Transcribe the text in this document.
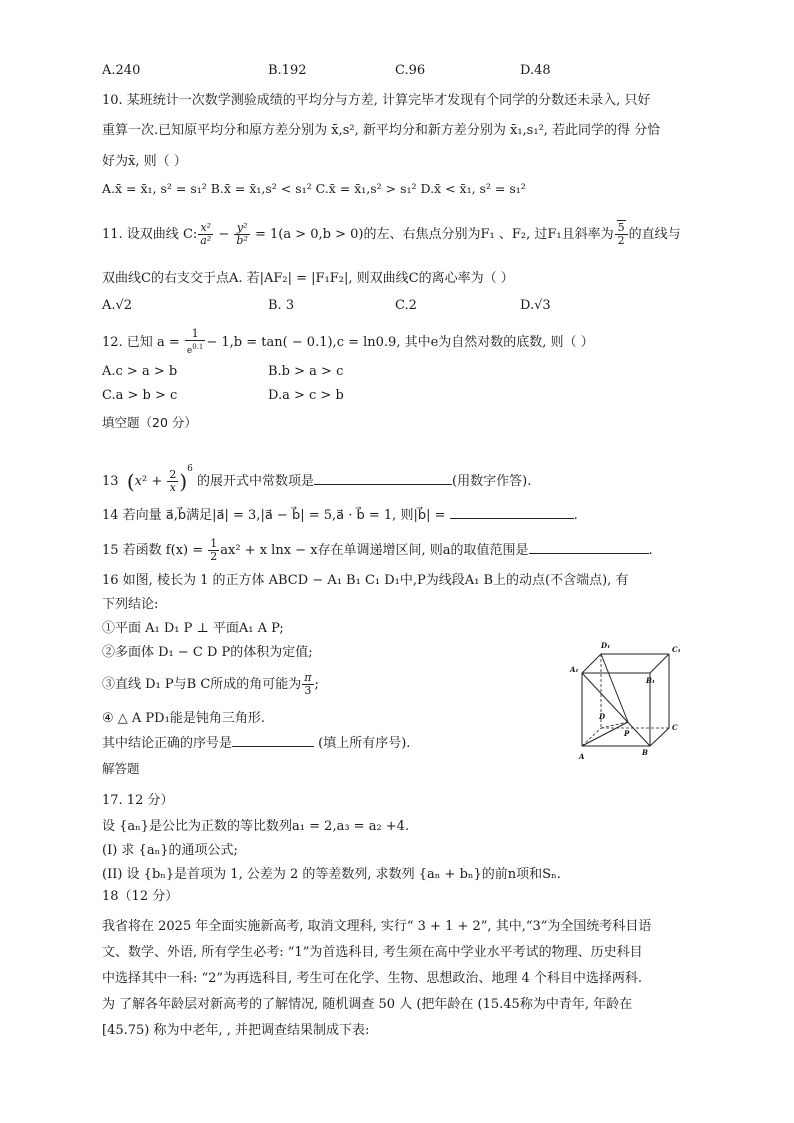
A.240	B.192	C.96	D.48
10. 某班统计一次数学测验成绩的平均分与方差, 计算完毕才发现有个同学的分数还未录入, 只好
重算一次.已知原平均分和原方差分别为 x̄,s², 新平均分和新方差分别为 x̄₁,s₁², 若此同学的得 分恰
好为x̄, 则（ ）
A.x̄ = x̄₁, s² = s₁² B.x̄ = x̄₁,s² < s₁² C.x̄ = x̄₁,s² > s₁² D.x̄ < x̄₁, s² = s₁²
11. 设双曲线 C: $\frac{\text{x²}}{\text{a²}} - \frac{\text{y²}}{\text{b²}} = 1(a > 0,b > 0)$的左、右焦点分别为F₁ 、F₂, 过F₁且斜率为 $\frac{5}{2}$ 的直线与
双曲线C的右支交于点A. 若|AF₂| = |F₁F₂|, 则双曲线C的离心率为（ ）
A.√2	B. 3	C.2	D.√3
12. 已知 $a = \frac{1}{e^{0.1}} - 1,b = \tan( - 0.1),c = \ln 0.9$, 其中e为自然对数的底数, 则（ ）
A.c > a > b	B.b > a > c
C.a > b > c	D.a > c > b
填空题（20 分）
13 $(x^2 + \frac{2}{x} )^6$ 的展开式中常数项是	(用数字作答).
14 若向量 a⃗,b⃗满足|a⃗| = 3,|a⃗ − b⃗| = 5,a⃗ · b⃗ = 1, 则|b⃗| =	.
15 若函数 $f(x) = \frac{1}{2} ax^2 + x$ lnx − x存在单调递增区间, 则a的取值范围是	.
16 如图, 棱长为 1 的正方体 ABCD − A₁ B₁ C₁ D₁中,P为线段A₁ B上的动点(不含端点), 有
下列结论:
①平面 A₁ D₁ P ⊥ 平面A₁ A P;
②多面体 D₁ − C D P的体积为定值;
③直线 D₁ P与B C所成的角可能为 $\frac{\pi}{3}$ ;
④ △ A PD₁能是钝角三角形.
其中结论正确的序号是	(填上所有序号).
D₁	C₁
A₁
B₁
D
C
P
A	B
解答题
17. 12 分）
设 {aₙ}是公比为正数的等比数列a₁ = 2,a₃ = a₂ +4.
(I) 求 {aₙ}的通项公式;
(II) 设 {bₙ}是首项为 1, 公差为 2 的等差数列, 求数列 {aₙ + bₙ}的前n项和Sₙ.
18（12 分）
我省将在 2025 年全面实施新高考, 取消文理科, 实行“ 3 + 1 + 2”, 其中,“3”为全国统考科目语
文、数学、外语, 所有学生必考: “1”为首选科目, 考生须在高中学业水平考试的物理、历史科目
中选择其中一科: “2”为再选科目, 考生可在化学、生物、思想政治、地理 4 个科目中选择两科.
为 了解各年龄层对新高考的了解情况, 随机调查 50 人 (把年龄在 (15.45称为中青年, 年龄在
[45.75) 称为中老年, , 并把调查结果制成下表:
